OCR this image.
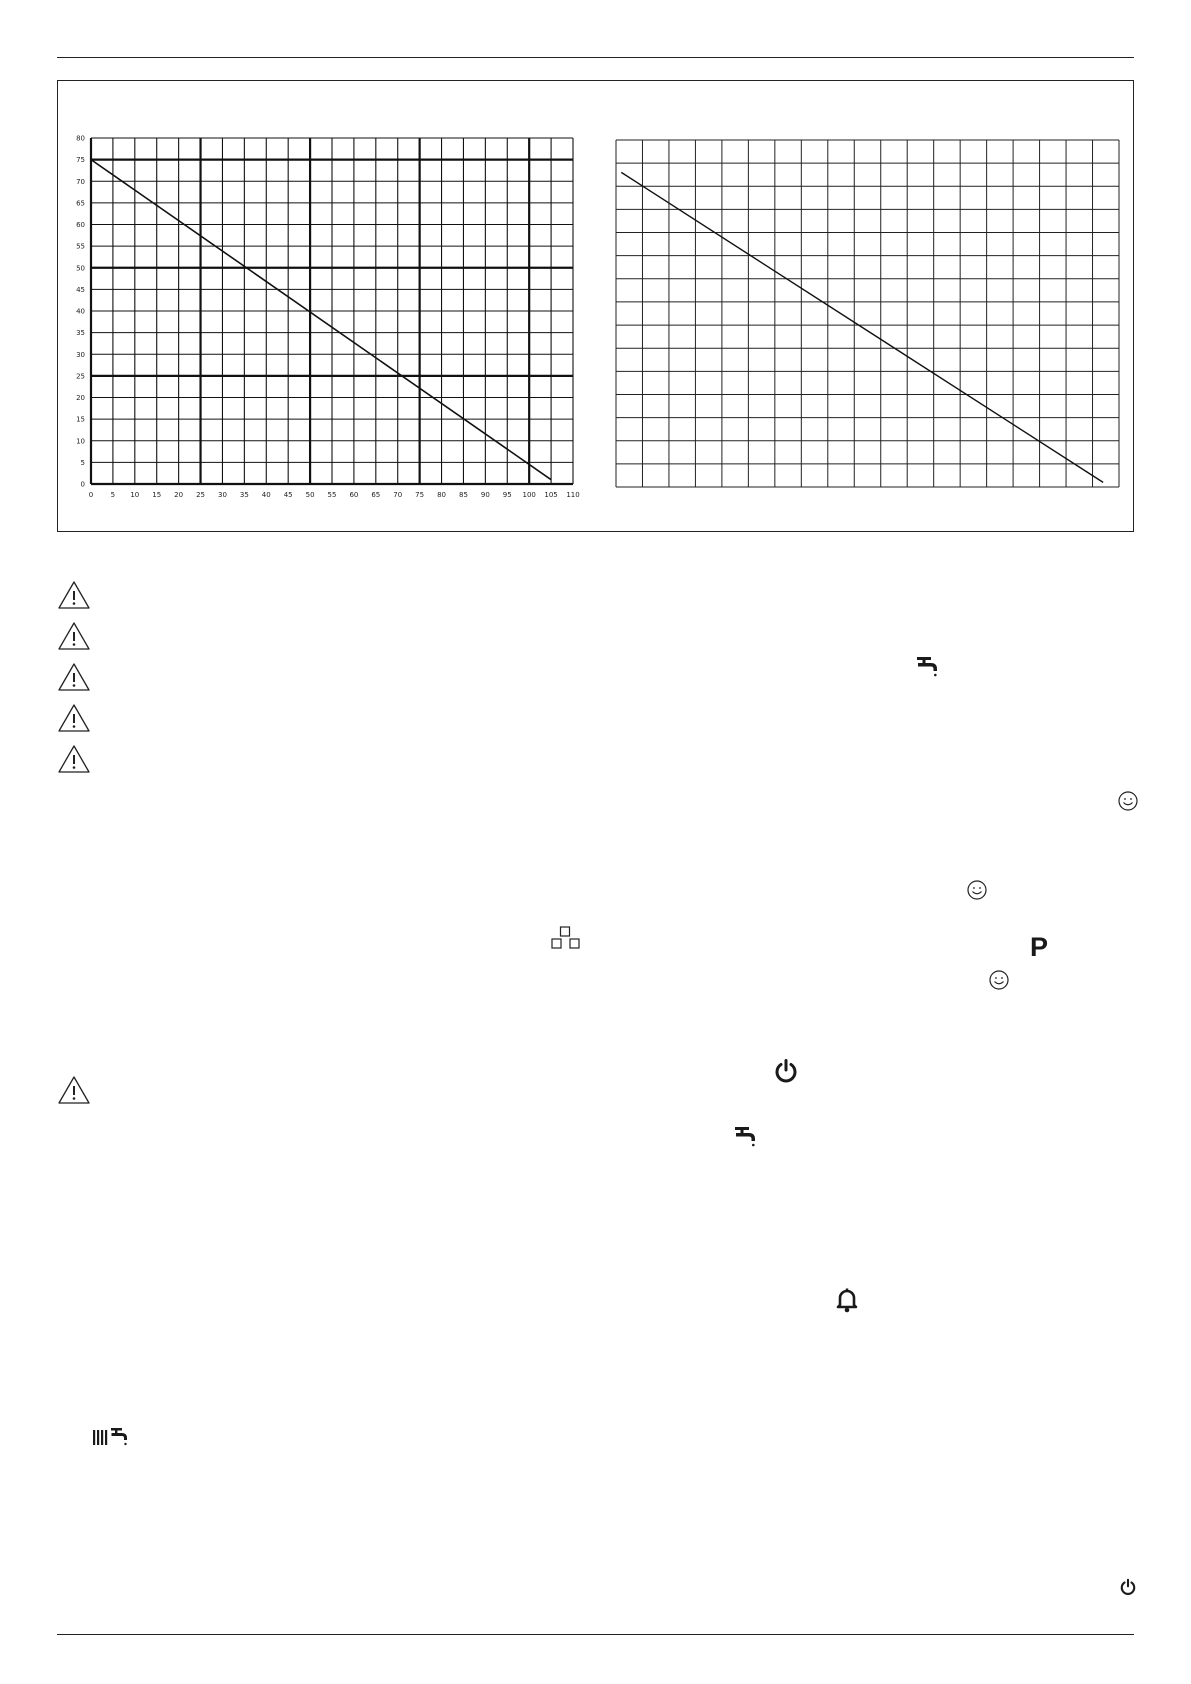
0 5 10 15 20 25 30 35 40 45 50 55 60 65 70 75 80 85 90 95 100 105 110
0
5
10
15
20
25
30
35
40
45
50
55
60
65
70
75
80
P
